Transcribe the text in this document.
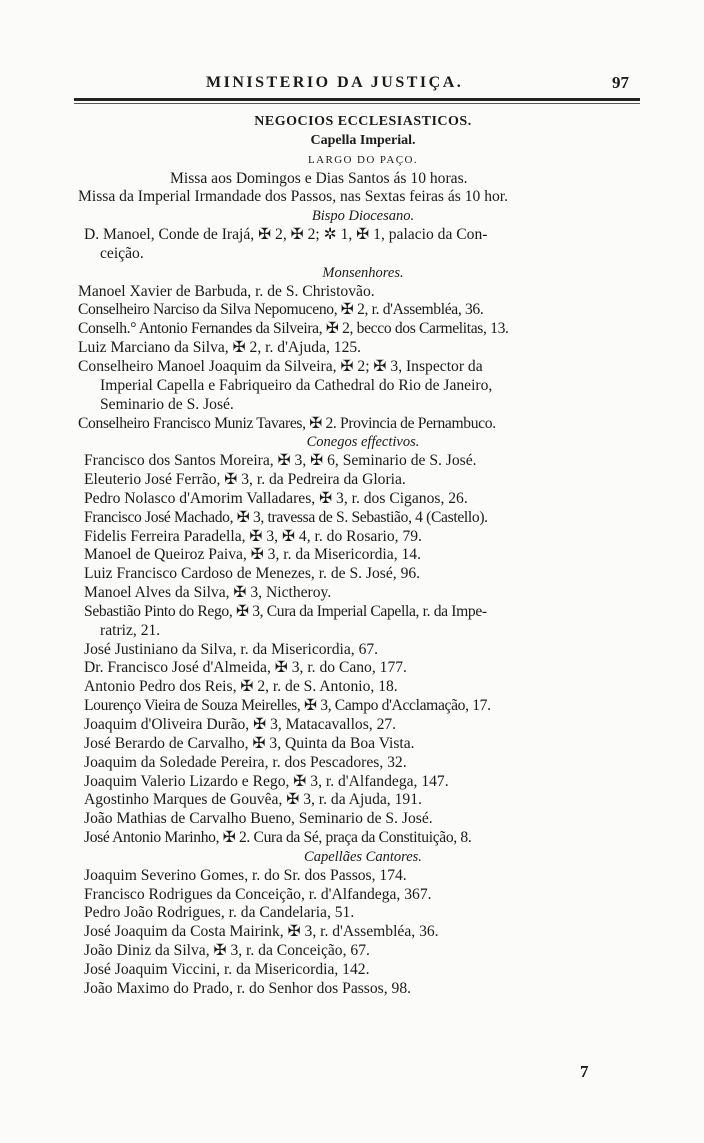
MINISTERIO DA JUSTIÇA.	97
NEGOCIOS ECCLESIASTICOS.
Capella Imperial.
LARGO DO PAÇO.
Missa aos Domingos e Dias Santos ás 10 horas.
Missa da Imperial Irmandade dos Passos, nas Sextas feiras ás 10 hor.
Bispo Diocesano.
D. Manoel, Conde de Irajá, ✠ 2, ✠ 2; ✲ 1, ✠ 1, palacio da Con-
ceição.
Monsenhores.
Manoel Xavier de Barbuda, r. de S. Christovão.
Conselheiro Narciso da Silva Nepomuceno, ✠ 2, r. d'Assembléa, 36.
Conselh.° Antonio Fernandes da Silveira, ✠ 2, becco dos Carmelitas, 13.
Luiz Marciano da Silva, ✠ 2, r. d'Ajuda, 125.
Conselheiro Manoel Joaquim da Silveira, ✠ 2; ✠ 3, Inspector da
Imperial Capella e Fabriqueiro da Cathedral do Rio de Janeiro,
Seminario de S. José.
Conselheiro Francisco Muniz Tavares, ✠ 2. Provincia de Pernambuco.
Conegos effectivos.
Francisco dos Santos Moreira, ✠ 3, ✠ 6, Seminario de S. José.
Eleuterio José Ferrão, ✠ 3, r. da Pedreira da Gloria.
Pedro Nolasco d'Amorim Valladares, ✠ 3, r. dos Ciganos, 26.
Francisco José Machado, ✠ 3, travessa de S. Sebastião, 4 (Castello).
Fidelis Ferreira Paradella, ✠ 3, ✠ 4, r. do Rosario, 79.
Manoel de Queiroz Paiva, ✠ 3, r. da Misericordia, 14.
Luiz Francisco Cardoso de Menezes, r. de S. José, 96.
Manoel Alves da Silva, ✠ 3, Nictheroy.
Sebastião Pinto do Rego, ✠ 3, Cura da Imperial Capella, r. da Impe-
ratriz, 21.
José Justiniano da Silva, r. da Misericordia, 67.
Dr. Francisco José d'Almeida, ✠ 3, r. do Cano, 177.
Antonio Pedro dos Reis, ✠ 2, r. de S. Antonio, 18.
Lourenço Vieira de Souza Meirelles, ✠ 3, Campo d'Acclamação, 17.
Joaquim d'Oliveira Durão, ✠ 3, Matacavallos, 27.
José Berardo de Carvalho, ✠ 3, Quinta da Boa Vista.
Joaquim da Soledade Pereira, r. dos Pescadores, 32.
Joaquim Valerio Lizardo e Rego, ✠ 3, r. d'Alfandega, 147.
Agostinho Marques de Gouvêa, ✠ 3, r. da Ajuda, 191.
João Mathias de Carvalho Bueno, Seminario de S. José.
José Antonio Marinho, ✠ 2. Cura da Sé, praça da Constituição, 8.
Capellães Cantores.
Joaquim Severino Gomes, r. do Sr. dos Passos, 174.
Francisco Rodrigues da Conceição, r. d'Alfandega, 367.
Pedro João Rodrigues, r. da Candelaria, 51.
José Joaquim da Costa Mairink, ✠ 3, r. d'Assembléa, 36.
João Diniz da Silva, ✠ 3, r. da Conceição, 67.
José Joaquim Viccini, r. da Misericordia, 142.
João Maximo do Prado, r. do Senhor dos Passos, 98.
7
